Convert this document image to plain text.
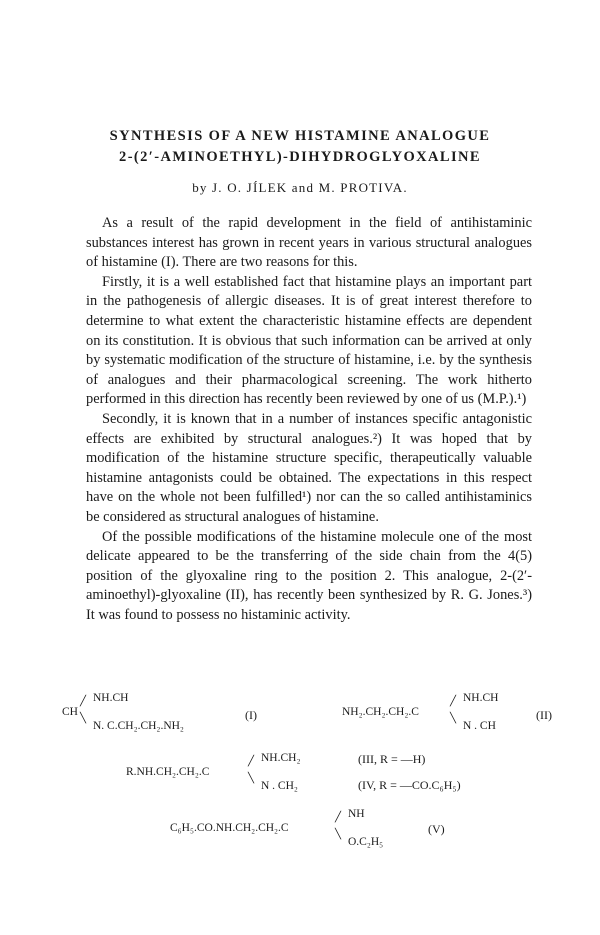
SYNTHESIS OF A NEW HISTAMINE ANALOGUE
2-(2′-AMINOETHYL)-DIHYDROGLYOXALINE
by J. O. JÍLEK and M. PROTIVA.

As a result of the rapid development in the field of antihistaminic substances interest has grown in recent years in various structural analogues of histamine (I). There are two reasons for this.

Firstly, it is a well established fact that histamine plays an important part in the pathogenesis of allergic diseases. It is of great interest therefore to determine to what extent the characteristic histamine effects are dependent on its constitution. It is obvious that such information can be arrived at only by systematic modification of the structure of histamine, i.e. by the synthesis of analogues and their pharmacological screening. The work hitherto performed in this direction has recently been reviewed by one of us (M.P.).¹)

Secondly, it is known that in a number of instances specific antagonistic effects are exhibited by structural analogues.²) It was hoped that by modification of the histamine structure specific, therapeutically valuable histamine antagonists could be obtained. The expectations in this respect have on the whole not been fulfilled¹) nor can the so called antihistaminics be considered as structural analogues of histamine.

Of the possible modifications of the histamine molecule one of the most delicate appeared to be the transferring of the side chain from the 4(5) position of the glyoxaline ring to the position 2. This analogue, 2-(2′-aminoethyl)-glyoxaline (II), has recently been synthesized by R. G. Jones.³) It was found to possess no histaminic activity.

CH
╱
╲
NH.CH
N. C.CH₂.CH₂.NH₂
(I)	NH₂.CH₂.CH₂.C
╱
╲
NH.CH
N . CH
(II)
R.NH.CH₂.CH₂.C
╱
╲
NH.CH₂
N . CH₂
(III, R = —H)
(IV, R = —CO.C₆H₅)
C₆H₅.CO.NH.CH₂.CH₂.C
╱
╲
NH
O.C₂H₅
(V)
